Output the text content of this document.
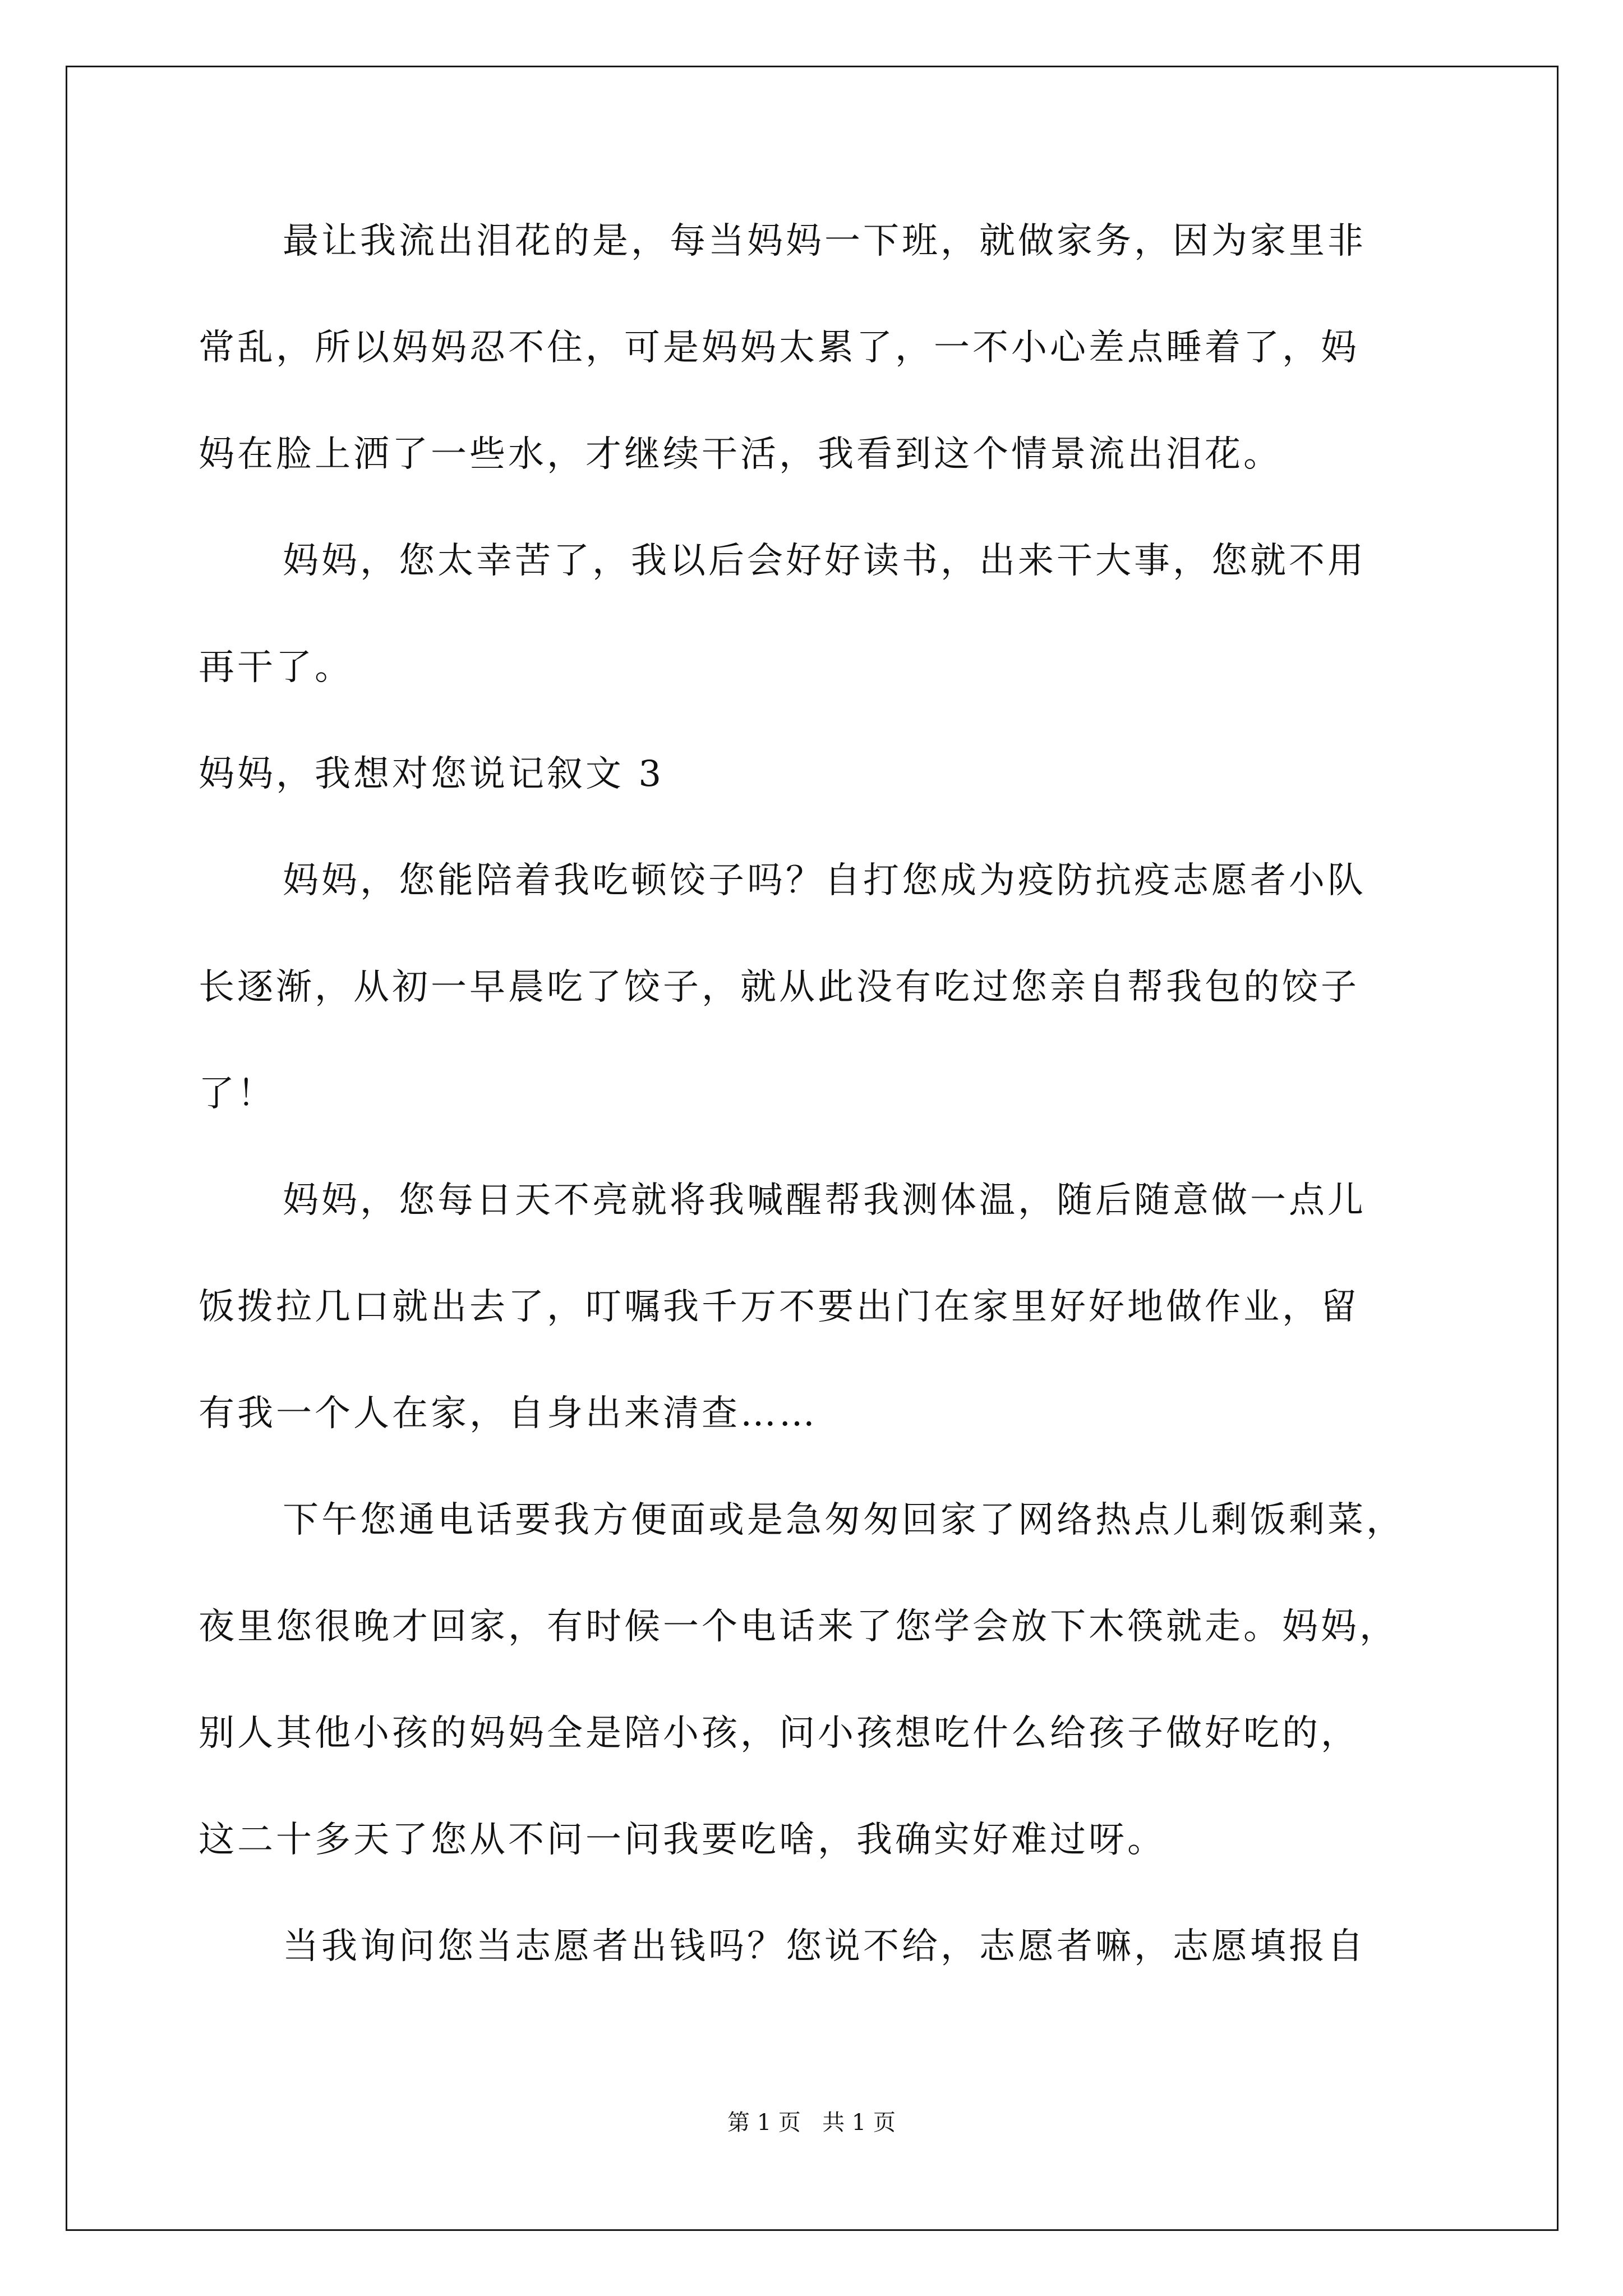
最让我流出泪花的是，每当妈妈一下班，就做家务，因为家里非
常乱，所以妈妈忍不住，可是妈妈太累了，一不小心差点睡着了，妈
妈在脸上洒了一些水，才继续干活，我看到这个情景流出泪花。
妈妈，您太幸苦了，我以后会好好读书，出来干大事，您就不用
再干了。
妈妈，我想对您说记叙文 3
妈妈，您能陪着我吃顿饺子吗？自打您成为疫防抗疫志愿者小队
长逐渐，从初一早晨吃了饺子，就从此没有吃过您亲自帮我包的饺子
了！
妈妈，您每日天不亮就将我喊醒帮我测体温，随后随意做一点儿
饭拨拉几口就出去了，叮嘱我千万不要出门在家里好好地做作业，留
有我一个人在家，自身出来清查……
下午您通电话要我方便面或是急匆匆回家了网络热点儿剩饭剩菜，
夜里您很晚才回家，有时候一个电话来了您学会放下木筷就走。妈妈，
别人其他小孩的妈妈全是陪小孩，问小孩想吃什么给孩子做好吃的，
这二十多天了您从不问一问我要吃啥，我确实好难过呀。
当我询问您当志愿者出钱吗？您说不给，志愿者嘛，志愿填报自
第 1 页   共 1 页
